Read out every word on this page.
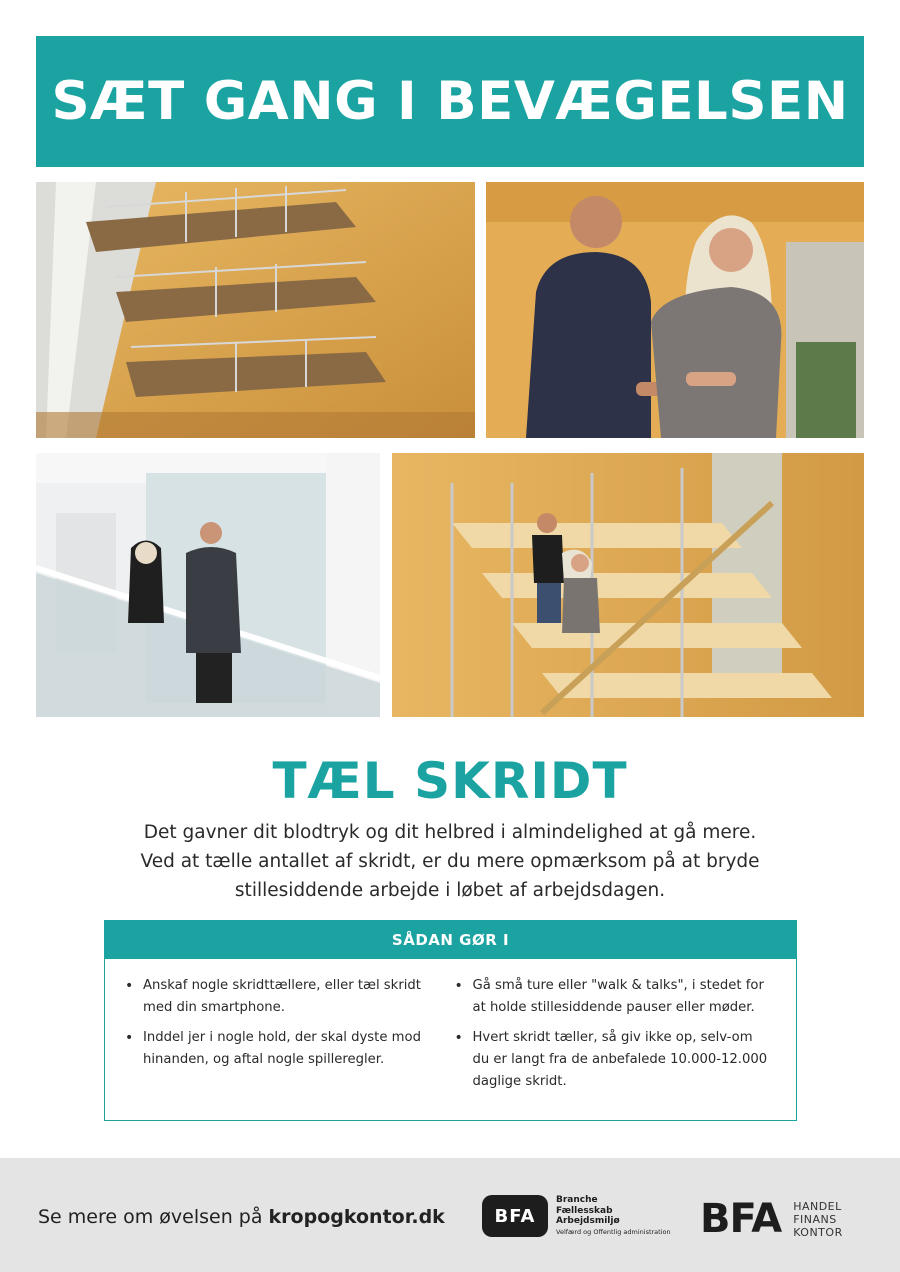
SÆT GANG I BEVÆGELSEN
TÆL SKRIDT
Det gavner dit blodtryk og dit helbred i almindelighed at gå mere.
Ved at tælle antallet af skridt, er du mere opmærksom på at bryde
stillesiddende arbejde i løbet af arbejdsdagen.
SÅDAN GØR I
• Anskaf nogle skridttællere, eller tæl skridt med din smartphone.
• Inddel jer i nogle hold, der skal dyste mod hinanden, og aftal nogle spilleregler.
• Gå små ture eller "walk & talks", i stedet for at holde stillesiddende pauser eller møder.
• Hvert skridt tæller, så giv ikke op, selv-om du er langt fra de anbefalede 10.000-12.000 daglige skridt.
Se mere om øvelsen på kropogkontor.dk	BFA
Branche
Fællesskab
Arbejdsmiljø
Velfærd og Offentlig administration BFA HANDEL
FINANS
KONTOR
